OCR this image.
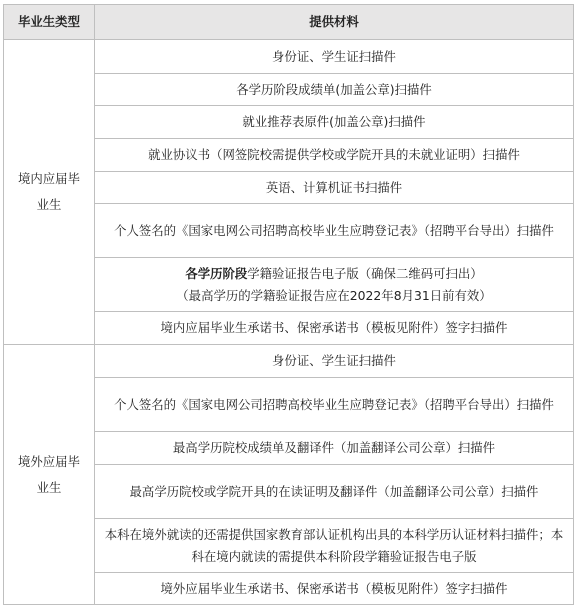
毕业生类型	提供材料
境内应届毕业生	身份证、学生证扫描件
	各学历阶段成绩单(加盖公章)扫描件
	就业推荐表原件(加盖公章)扫描件
	就业协议书（网签院校需提供学校或学院开具的未就业证明）扫描件
	英语、计算机证书扫描件
	个人签名的《国家电网公司招聘高校毕业生应聘登记表》（招聘平台导出）扫描件
	各学历阶段学籍验证报告电子版（确保二维码可扫出）
（最高学历的学籍验证报告应在2022年8月31日前有效）

	境内应届毕业生承诺书、保密承诺书（模板见附件）签字扫描件
境外应届毕业生	身份证、学生证扫描件
	个人签名的《国家电网公司招聘高校毕业生应聘登记表》（招聘平台导出）扫描件
	最高学历院校成绩单及翻译件（加盖翻译公司公章）扫描件
	最高学历院校或学院开具的在读证明及翻译件（加盖翻译公司公章）扫描件
	本科在境外就读的还需提供国家教育部认证机构出具的本科学历认证材料扫描件；本科在境内就读的需提供本科阶段学籍验证报告电子版
	境外应届毕业生承诺书、保密承诺书（模板见附件）签字扫描件
